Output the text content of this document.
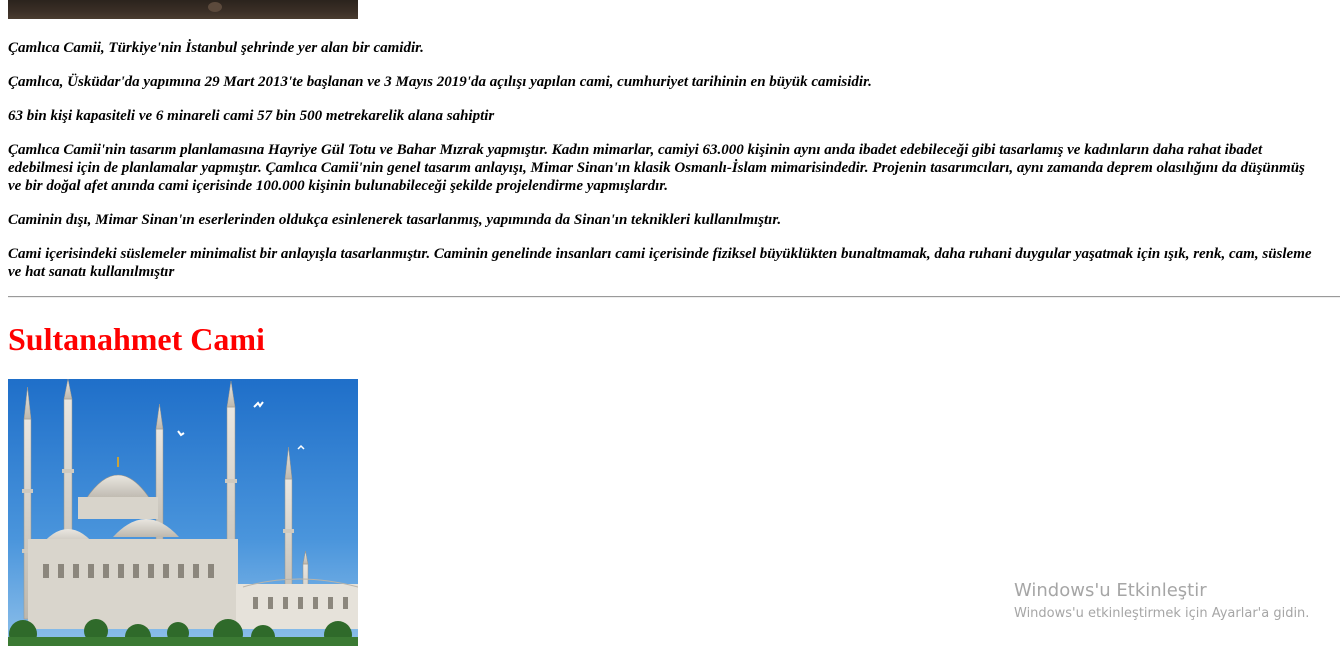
Çamlıca Camii, Türkiye'nin İstanbul şehrinde yer alan bir camidir.

Çamlıca, Üsküdar'da yapımına 29 Mart 2013'te başlanan ve 3 Mayıs 2019'da açılışı yapılan cami, cumhuriyet tarihinin en büyük camisidir.

63 bin kişi kapasiteli ve 6 minareli cami 57 bin 500 metrekarelik alana sahiptir

Çamlıca Camii'nin tasarım planlamasına Hayriye Gül Totu ve Bahar Mızrak yapmıştır. Kadın mimarlar, camiyi 63.000 kişinin aynı anda ibadet edebileceği gibi tasarlamış ve kadınların daha rahat ibadet edebilmesi için de planlamalar yapmıştır. Çamlıca Camii'nin genel tasarım anlayışı, Mimar Sinan'ın klasik Osmanlı-İslam mimarisindedir. Projenin tasarımcıları, aynı zamanda deprem olasılığını da düşünmüş ve bir doğal afet anında cami içerisinde 100.000 kişinin bulunabileceği şekilde projelendirme yapmışlardır.

Caminin dışı, Mimar Sinan'ın eserlerinden oldukça esinlenerek tasarlanmış, yapımında da Sinan'ın teknikleri kullanılmıştır.

Cami içerisindeki süslemeler minimalist bir anlayışla tasarlanmıştır. Caminin genelinde insanları cami içerisinde fiziksel büyüklükten bunaltmamak, daha ruhani duygular yaşatmak için ışık, renk, cam, süsleme ve hat sanatı kullanılmıştır

Sultanahmet Cami

Windows'u Etkinleştir

Windows'u etkinleştirmek için Ayarlar'a gidin.
